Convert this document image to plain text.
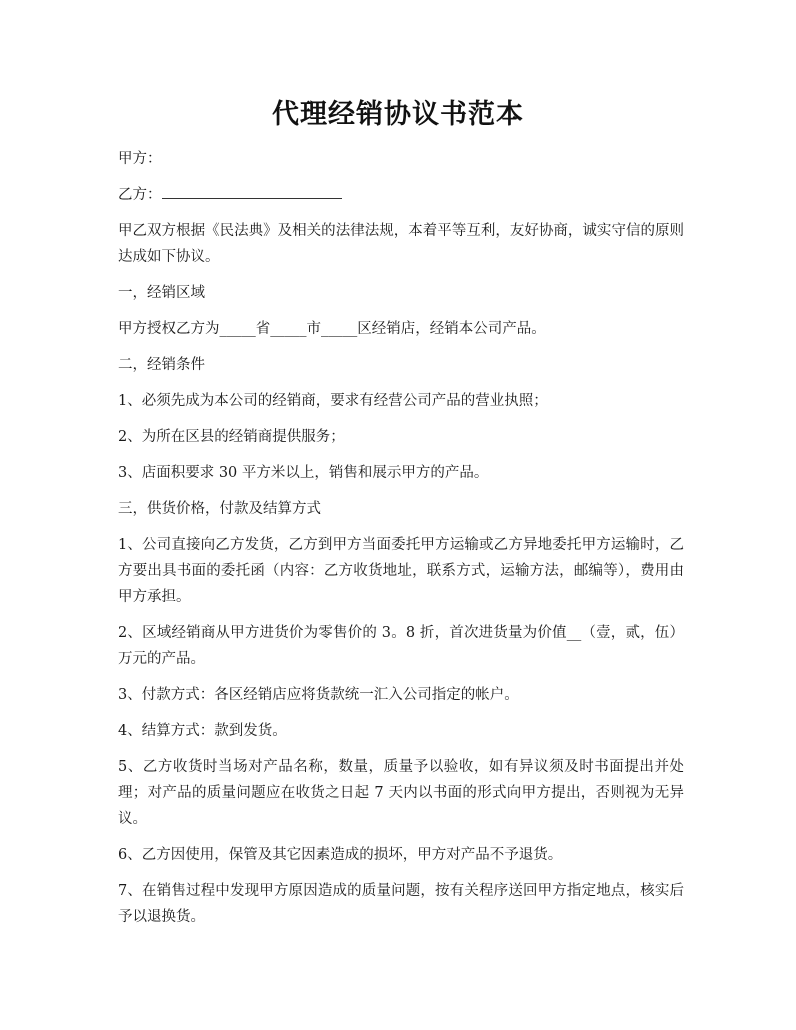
代理经销协议书范本

甲方：

乙方：

甲乙双方根据《民法典》及相关的法律法规，本着平等互利，友好协商，诚实守信的原则达成如下协议。

一，经销区域

甲方授权乙方为_____省_____市_____区经销店，经销本公司产品。

二，经销条件

1、必须先成为本公司的经销商，要求有经营公司产品的营业执照；

2、为所在区县的经销商提供服务；

3、店面积要求 30 平方米以上，销售和展示甲方的产品。

三，供货价格，付款及结算方式

1、公司直接向乙方发货，乙方到甲方当面委托甲方运输或乙方异地委托甲方运输时，乙方要出具书面的委托函（内容：乙方收货地址，联系方式，运输方法，邮编等），费用由甲方承担。

2、区域经销商从甲方进货价为零售价的 3。8 折，首次进货量为价值__（壹，贰，伍）万元的产品。

3、付款方式：各区经销店应将货款统一汇入公司指定的帐户。

4、结算方式：款到发货。

5、乙方收货时当场对产品名称，数量，质量予以验收，如有异议须及时书面提出并处理；对产品的质量问题应在收货之日起 7 天内以书面的形式向甲方提出，否则视为无异议。

6、乙方因使用，保管及其它因素造成的损坏，甲方对产品不予退货。

7、在销售过程中发现甲方原因造成的质量问题，按有关程序送回甲方指定地点，核实后予以退换货。
